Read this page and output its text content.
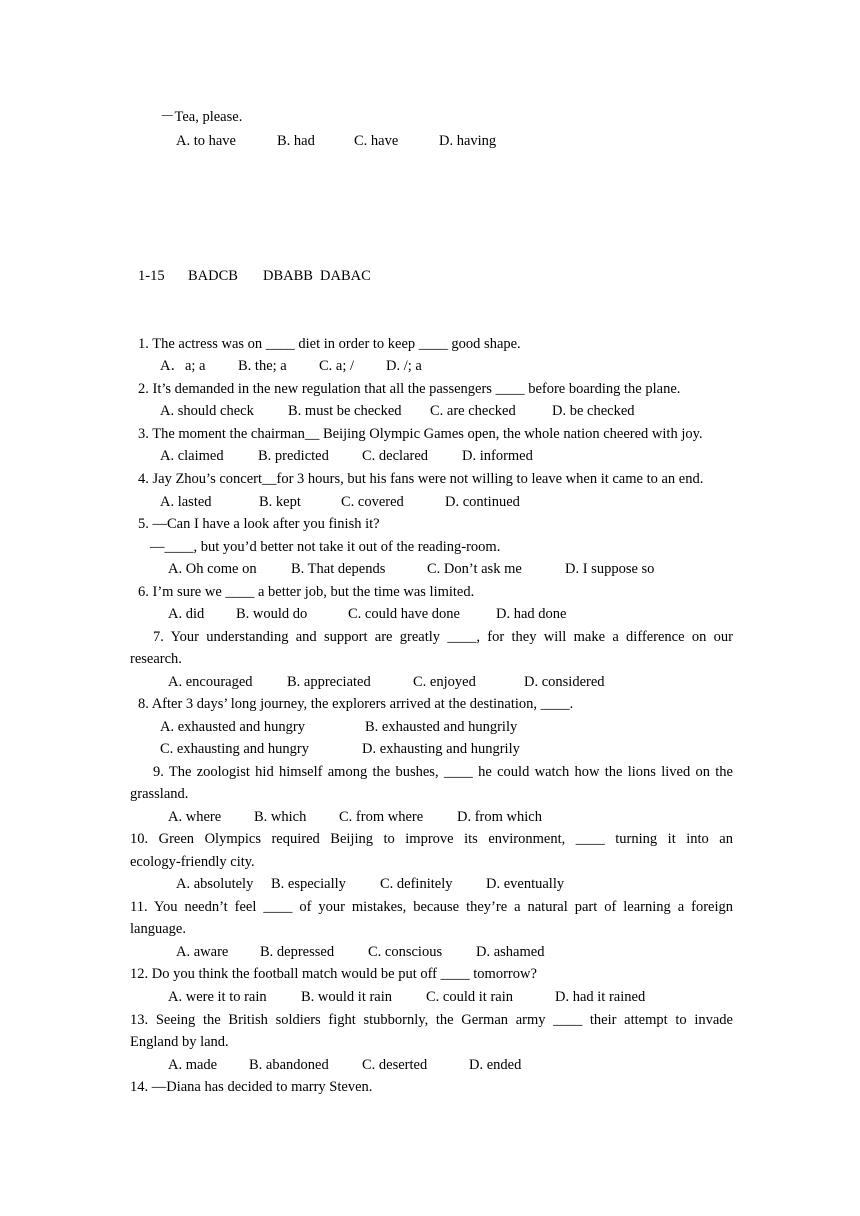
－Tea, please.
A. to have	B. had	C. have	D. having
1-15 BADCB DBABB DABAC
1. The actress was on ____ diet in order to keep ____ good shape.
A．a; a B. the; a C. a; / D. /; a
2. It’s demanded in the new regulation that all the passengers ____ before boarding the plane.
A. should check B. must be checked C. are checked	D. be checked
3. The moment the chairman__ Beijing Olympic Games open, the whole nation cheered with joy.
A. claimed B. predicted C. declared D. informed
4. Jay Zhou’s concert__for 3 hours, but his fans were not willing to leave when it came to an end.
A. lasted	B. kept	C. covered	D. continued
5. —Can I have a look after you finish it?
—____, but you’d better not take it out of the reading-room.
A. Oh come on B. That depends	C. Don’t ask me	D. I suppose so
6. I’m sure we ____ a better job, but the time was limited.
A. did B. would do	C. could have done D. had done
7. Your understanding and support are greatly ____, for they will make a difference on our
research.
A. encouraged B. appreciated	C. enjoyed	D. considered
8. After 3 days’ long journey, the explorers arrived at the destination, ____.
A. exhausted and hungry	B. exhausted and hungrily
C. exhausting and hungry	D. exhausting and hungrily
9. The zoologist hid himself among the bushes, ____ he could watch how the lions lived on the
grassland.
A. where B. which C. from where D. from which
10. Green Olympics required Beijing to improve its environment, ____ turning it into an
ecology-friendly city.
A. absolutely B. especially C. definitely D. eventually
11. You needn’t feel ____ of your mistakes, because they’re a natural part of learning a foreign
language.
A. aware B. depressed C. conscious D. ashamed
12. Do you think the football match would be put off ____ tomorrow?
A. were it to rain B. would it rain C. could it rain	D. had it rained
13. Seeing the British soldiers fight stubbornly, the German army ____ their attempt to invade
England by land.
A. made B. abandoned C. deserted	D. ended
14. —Diana has decided to marry Steven.
